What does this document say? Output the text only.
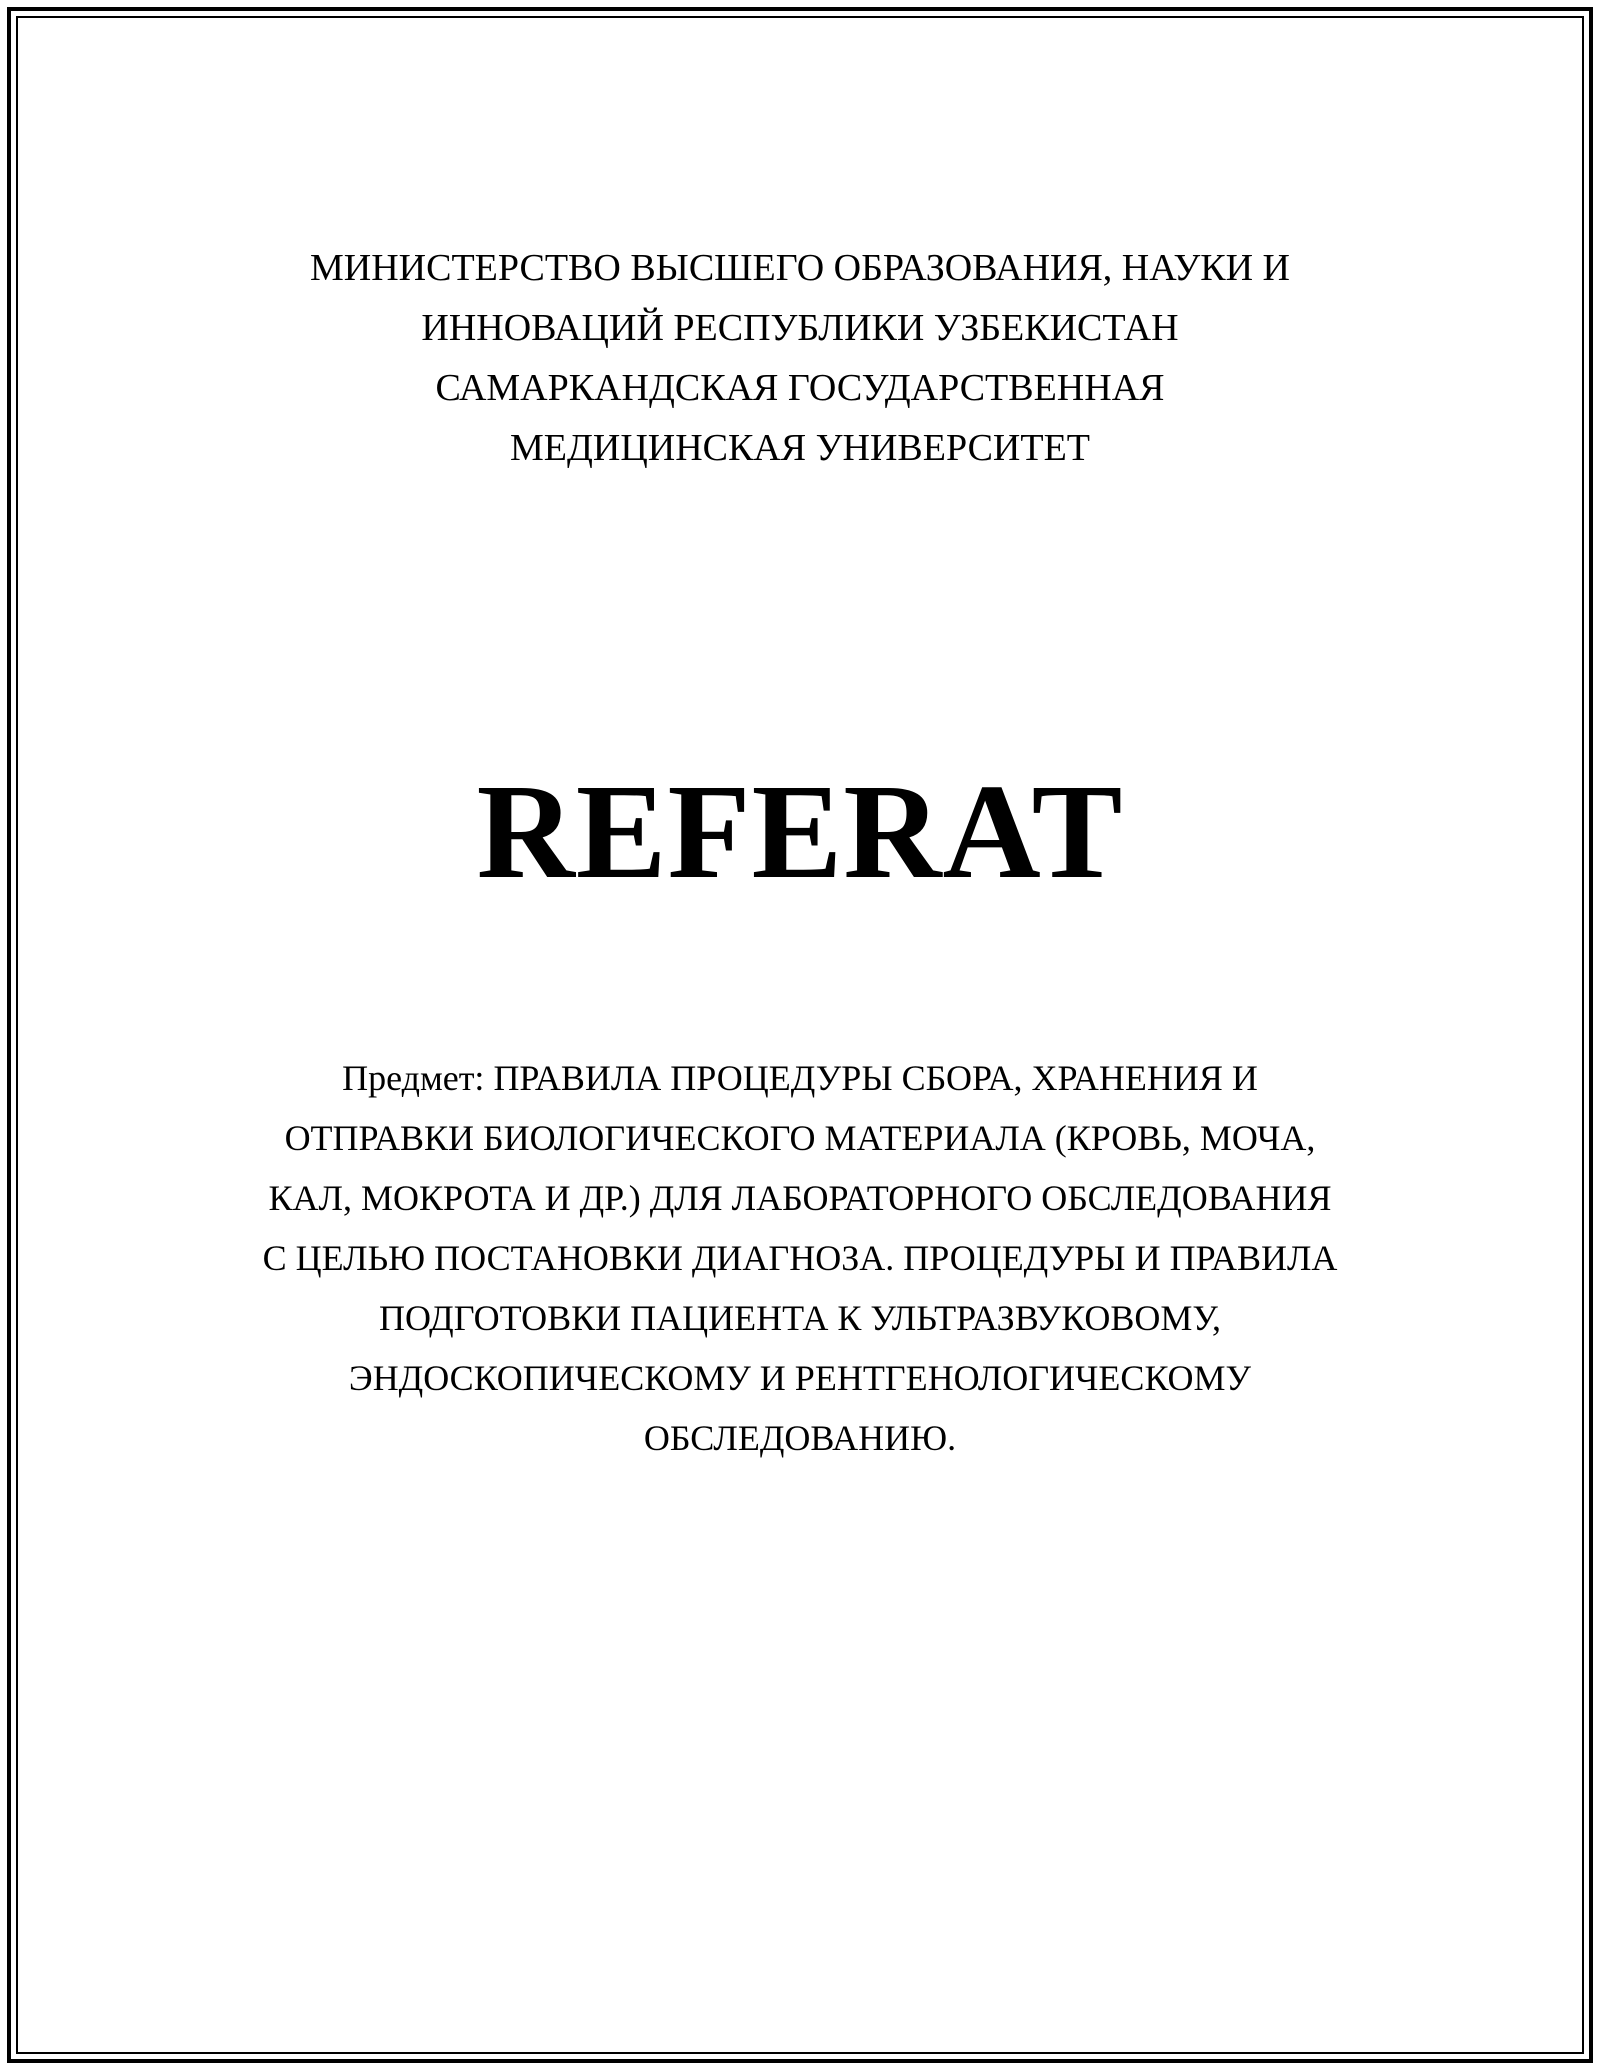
МИНИСТЕРСТВО ВЫСШЕГО ОБРАЗОВАНИЯ, НАУКИ И
ИННОВАЦИЙ РЕСПУБЛИКИ УЗБЕКИСТАН
САМАРКАНДСКАЯ ГОСУДАРСТВЕННАЯ
МЕДИЦИНСКАЯ УНИВЕРСИТЕТ
REFERAT
Предмет: ПРАВИЛА ПРОЦЕДУРЫ СБОРА, ХРАНЕНИЯ И
ОТПРАВКИ БИОЛОГИЧЕСКОГО МАТЕРИАЛА (КРОВЬ, МОЧА,
КАЛ, МОКРОТА И ДР.) ДЛЯ ЛАБОРАТОРНОГО ОБСЛЕДОВАНИЯ
С ЦЕЛЬЮ ПОСТАНОВКИ ДИАГНОЗА. ПРОЦЕДУРЫ И ПРАВИЛА
ПОДГОТОВКИ ПАЦИЕНТА К УЛЬТРАЗВУКОВОМУ,
ЭНДОСКОПИЧЕСКОМУ И РЕНТГЕНОЛОГИЧЕСКОМУ
ОБСЛЕДОВАНИЮ.
